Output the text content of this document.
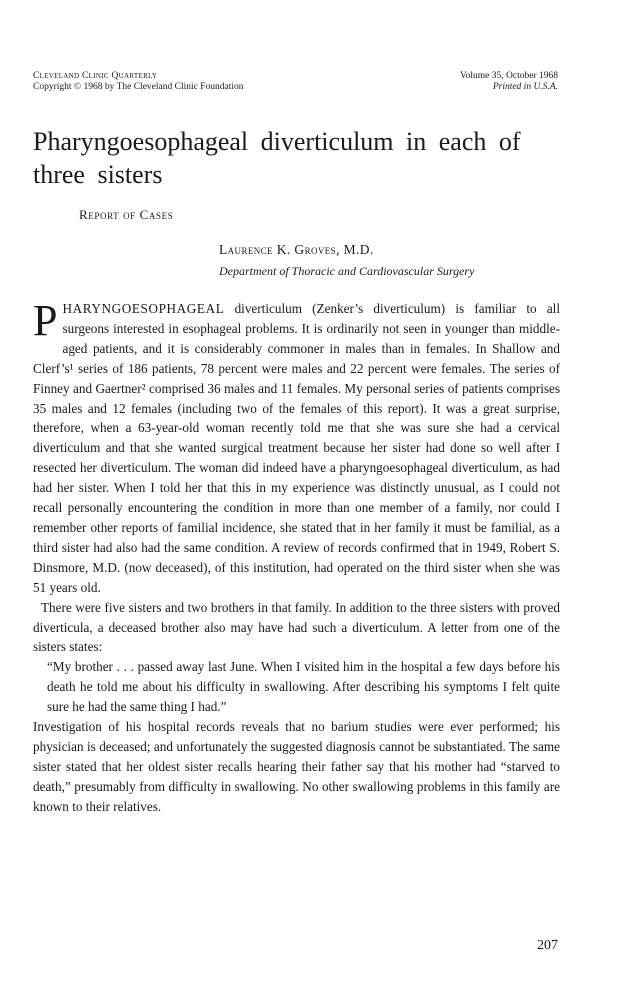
Cleveland Clinic Quarterly
Copyright © 1968 by The Cleveland Clinic Foundation
Volume 35, October 1968
Printed in U.S.A.
Pharyngoesophageal diverticulum in each of three sisters
Report of Cases
Laurence K. Groves, M.D.
Department of Thoracic and Cardiovascular Surgery

PHARYNGOESOPHAGEAL diverticulum (Zenker’s diverticulum) is familiar to all surgeons interested in esophageal problems. It is ordinarily not seen in younger than middle-aged patients, and it is considerably commoner in males than in females. In Shallow and Clerf’s¹ series of 186 patients, 78 percent were males and 22 percent were females. The series of Finney and Gaertner² comprised 36 males and 11 females. My personal series of patients comprises 35 males and 12 females (including two of the females of this report). It was a great surprise, therefore, when a 63-year-old woman recently told me that she was sure she had a cervical diverticulum and that she wanted surgical treatment because her sister had done so well after I resected her diverticulum. The woman did indeed have a pharyngoesophageal diverticulum, as had had her sister. When I told her that this in my experience was distinctly unusual, as I could not recall personally encountering the condition in more than one member of a family, nor could I remember other reports of familial incidence, she stated that in her family it must be familial, as a third sister had also had the same condition. A review of records confirmed that in 1949, Robert S. Dinsmore, M.D. (now deceased), of this institution, had operated on the third sister when she was 51 years old.

There were five sisters and two brothers in that family. In addition to the three sisters with proved diverticula, a deceased brother also may have had such a diverticulum. A letter from one of the sisters states:

“My brother . . . passed away last June. When I visited him in the hospital a few days before his death he told me about his difficulty in swallowing. After describing his symptoms I felt quite sure he had the same thing I had.”

Investigation of his hospital records reveals that no barium studies were ever performed; his physician is deceased; and unfortunately the suggested diagnosis cannot be substantiated. The same sister stated that her oldest sister recalls hearing their father say that his mother had “starved to death,” presumably from difficulty in swallowing. No other swallowing problems in this family are known to their relatives.

207
